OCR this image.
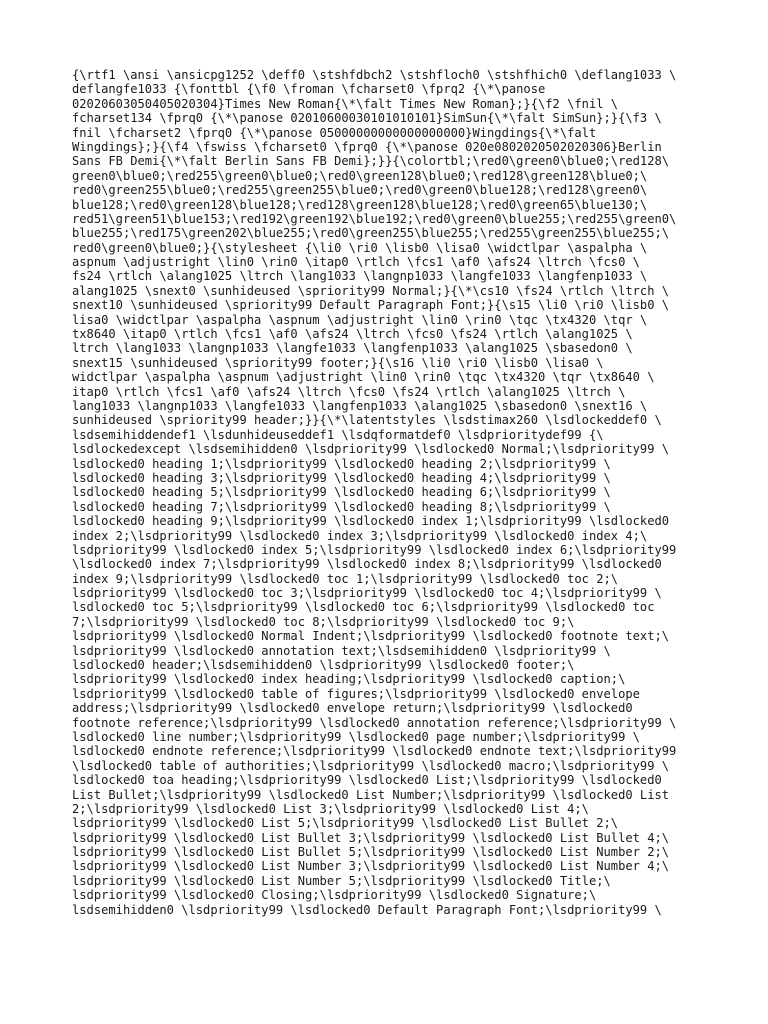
{\rtf1 \ansi \ansicpg1252 \deff0 \stshfdbch2 \stshfloch0 \stshfhich0 \deflang1033 \
deflangfe1033 {\fonttbl {\f0 \froman \fcharset0 \fprq2 {\*\panose
02020603050405020304}Times New Roman{\*\falt Times New Roman};}{\f2 \fnil \
fcharset134 \fprq0 {\*\panose 02010600030101010101}SimSun{\*\falt SimSun};}{\f3 \
fnil \fcharset2 \fprq0 {\*\panose 05000000000000000000}Wingdings{\*\falt
Wingdings};}{\f4 \fswiss \fcharset0 \fprq0 {\*\panose 020e0802020502020306}Berlin
Sans FB Demi{\*\falt Berlin Sans FB Demi};}}{\colortbl;\red0\green0\blue0;\red128\
green0\blue0;\red255\green0\blue0;\red0\green128\blue0;\red128\green128\blue0;\
red0\green255\blue0;\red255\green255\blue0;\red0\green0\blue128;\red128\green0\
blue128;\red0\green128\blue128;\red128\green128\blue128;\red0\green65\blue130;\
red51\green51\blue153;\red192\green192\blue192;\red0\green0\blue255;\red255\green0\
blue255;\red175\green202\blue255;\red0\green255\blue255;\red255\green255\blue255;\
red0\green0\blue0;}{\stylesheet {\li0 \ri0 \lisb0 \lisa0 \widctlpar \aspalpha \
aspnum \adjustright \lin0 \rin0 \itap0 \rtlch \fcs1 \af0 \afs24 \ltrch \fcs0 \
fs24 \rtlch \alang1025 \ltrch \lang1033 \langnp1033 \langfe1033 \langfenp1033 \
alang1025 \snext0 \sunhideused \spriority99 Normal;}{\*\cs10 \fs24 \rtlch \ltrch \
snext10 \sunhideused \spriority99 Default Paragraph Font;}{\s15 \li0 \ri0 \lisb0 \
lisa0 \widctlpar \aspalpha \aspnum \adjustright \lin0 \rin0 \tqc \tx4320 \tqr \
tx8640 \itap0 \rtlch \fcs1 \af0 \afs24 \ltrch \fcs0 \fs24 \rtlch \alang1025 \
ltrch \lang1033 \langnp1033 \langfe1033 \langfenp1033 \alang1025 \sbasedon0 \
snext15 \sunhideused \spriority99 footer;}{\s16 \li0 \ri0 \lisb0 \lisa0 \
widctlpar \aspalpha \aspnum \adjustright \lin0 \rin0 \tqc \tx4320 \tqr \tx8640 \
itap0 \rtlch \fcs1 \af0 \afs24 \ltrch \fcs0 \fs24 \rtlch \alang1025 \ltrch \
lang1033 \langnp1033 \langfe1033 \langfenp1033 \alang1025 \sbasedon0 \snext16 \
sunhideused \spriority99 header;}}{\*\latentstyles \lsdstimax260 \lsdlockeddef0 \
lsdsemihiddendef1 \lsdunhideuseddef1 \lsdqformatdef0 \lsdprioritydef99 {\
lsdlockedexcept \lsdsemihidden0 \lsdpriority99 \lsdlocked0 Normal;\lsdpriority99 \
lsdlocked0 heading 1;\lsdpriority99 \lsdlocked0 heading 2;\lsdpriority99 \
lsdlocked0 heading 3;\lsdpriority99 \lsdlocked0 heading 4;\lsdpriority99 \
lsdlocked0 heading 5;\lsdpriority99 \lsdlocked0 heading 6;\lsdpriority99 \
lsdlocked0 heading 7;\lsdpriority99 \lsdlocked0 heading 8;\lsdpriority99 \
lsdlocked0 heading 9;\lsdpriority99 \lsdlocked0 index 1;\lsdpriority99 \lsdlocked0
index 2;\lsdpriority99 \lsdlocked0 index 3;\lsdpriority99 \lsdlocked0 index 4;\
lsdpriority99 \lsdlocked0 index 5;\lsdpriority99 \lsdlocked0 index 6;\lsdpriority99
\lsdlocked0 index 7;\lsdpriority99 \lsdlocked0 index 8;\lsdpriority99 \lsdlocked0
index 9;\lsdpriority99 \lsdlocked0 toc 1;\lsdpriority99 \lsdlocked0 toc 2;\
lsdpriority99 \lsdlocked0 toc 3;\lsdpriority99 \lsdlocked0 toc 4;\lsdpriority99 \
lsdlocked0 toc 5;\lsdpriority99 \lsdlocked0 toc 6;\lsdpriority99 \lsdlocked0 toc
7;\lsdpriority99 \lsdlocked0 toc 8;\lsdpriority99 \lsdlocked0 toc 9;\
lsdpriority99 \lsdlocked0 Normal Indent;\lsdpriority99 \lsdlocked0 footnote text;\
lsdpriority99 \lsdlocked0 annotation text;\lsdsemihidden0 \lsdpriority99 \
lsdlocked0 header;\lsdsemihidden0 \lsdpriority99 \lsdlocked0 footer;\
lsdpriority99 \lsdlocked0 index heading;\lsdpriority99 \lsdlocked0 caption;\
lsdpriority99 \lsdlocked0 table of figures;\lsdpriority99 \lsdlocked0 envelope
address;\lsdpriority99 \lsdlocked0 envelope return;\lsdpriority99 \lsdlocked0
footnote reference;\lsdpriority99 \lsdlocked0 annotation reference;\lsdpriority99 \
lsdlocked0 line number;\lsdpriority99 \lsdlocked0 page number;\lsdpriority99 \
lsdlocked0 endnote reference;\lsdpriority99 \lsdlocked0 endnote text;\lsdpriority99
\lsdlocked0 table of authorities;\lsdpriority99 \lsdlocked0 macro;\lsdpriority99 \
lsdlocked0 toa heading;\lsdpriority99 \lsdlocked0 List;\lsdpriority99 \lsdlocked0
List Bullet;\lsdpriority99 \lsdlocked0 List Number;\lsdpriority99 \lsdlocked0 List
2;\lsdpriority99 \lsdlocked0 List 3;\lsdpriority99 \lsdlocked0 List 4;\
lsdpriority99 \lsdlocked0 List 5;\lsdpriority99 \lsdlocked0 List Bullet 2;\
lsdpriority99 \lsdlocked0 List Bullet 3;\lsdpriority99 \lsdlocked0 List Bullet 4;\
lsdpriority99 \lsdlocked0 List Bullet 5;\lsdpriority99 \lsdlocked0 List Number 2;\
lsdpriority99 \lsdlocked0 List Number 3;\lsdpriority99 \lsdlocked0 List Number 4;\
lsdpriority99 \lsdlocked0 List Number 5;\lsdpriority99 \lsdlocked0 Title;\
lsdpriority99 \lsdlocked0 Closing;\lsdpriority99 \lsdlocked0 Signature;\
lsdsemihidden0 \lsdpriority99 \lsdlocked0 Default Paragraph Font;\lsdpriority99 \
